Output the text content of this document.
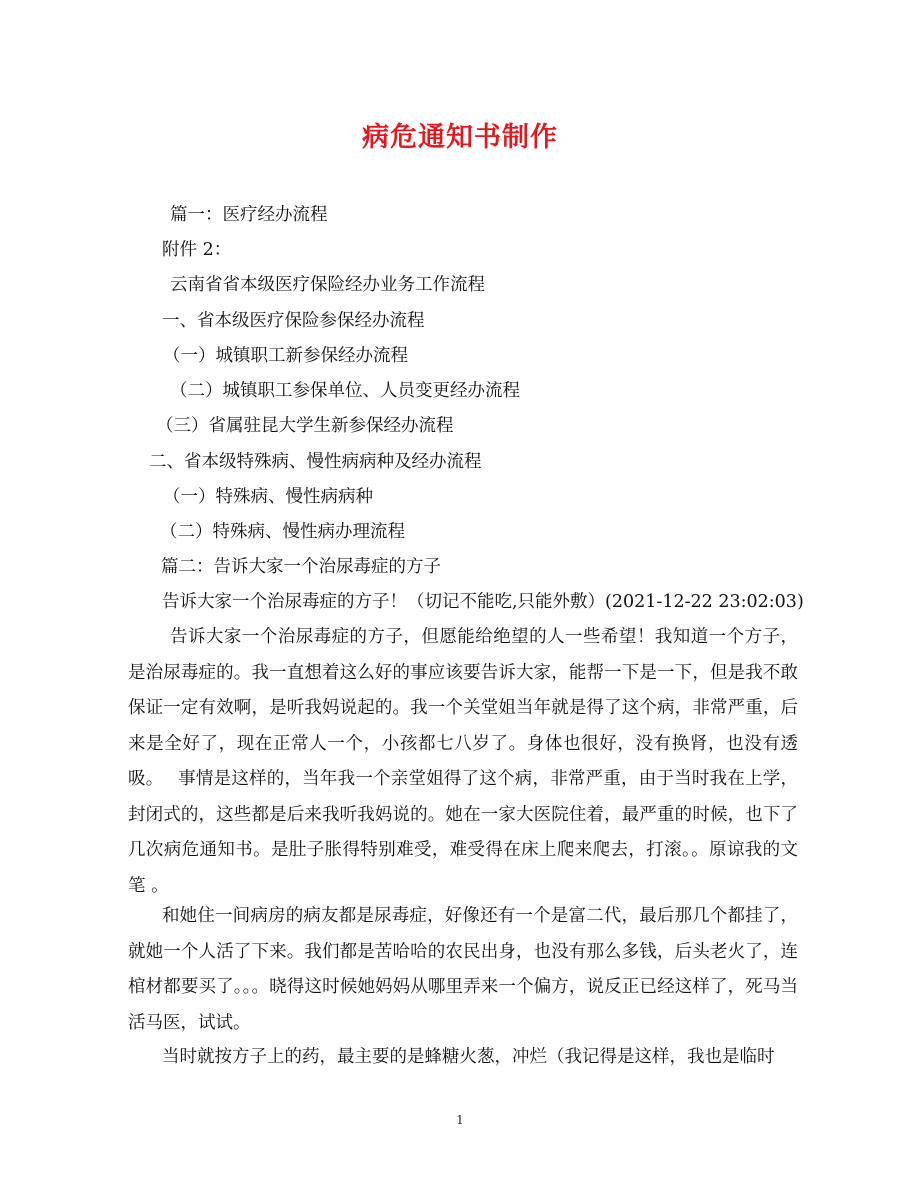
病危通知书制作
篇一：医疗经办流程
附件 2：
云南省省本级医疗保险经办业务工作流程
一、省本级医疗保险参保经办流程
（一）城镇职工新参保经办流程
（二）城镇职工参保单位、人员变更经办流程
（三）省属驻昆大学生新参保经办流程
二、省本级特殊病、慢性病病种及经办流程
（一）特殊病、慢性病病种
（二）特殊病、慢性病办理流程
篇二：告诉大家一个治尿毒症的方子
告诉大家一个治尿毒症的方子！（切记不能吃,只能外敷）(2021-12-22 23:02:03)
告诉大家一个治尿毒症的方子，但愿能给绝望的人一些希望！我知道一个方子，是治尿毒症的。我一直想着这么好的事应该要告诉大家，能帮一下是一下，但是我不敢保证一定有效啊，是听我妈说起的。我一个关堂姐当年就是得了这个病，非常严重，后来是全好了，现在正常人一个，小孩都七八岁了。身体也很好，没有换肾，也没有透吸。　 事情是这样的，当年我一个亲堂姐得了这个病，非常严重，由于当时我在上学，封闭式的，这些都是后来我听我妈说的。她在一家大医院住着，最严重的时候，也下了几次病危通知书。是肚子胀得特别难受，难受得在床上爬来爬去，打滚。。原谅我的文笔 。
和她住一间病房的病友都是尿毒症，好像还有一个是富二代，最后那几个都挂了，就她一个人活了下来。我们都是苦哈哈的农民出身，也没有那么多钱，后头老火了，连棺材都要买了。。。晓得这时候她妈妈从哪里弄来一个偏方，说反正已经这样了，死马当活马医，试试。
当时就按方子上的药，最主要的是蜂糖火葱，冲烂（我记得是这样，我也是临时
1
